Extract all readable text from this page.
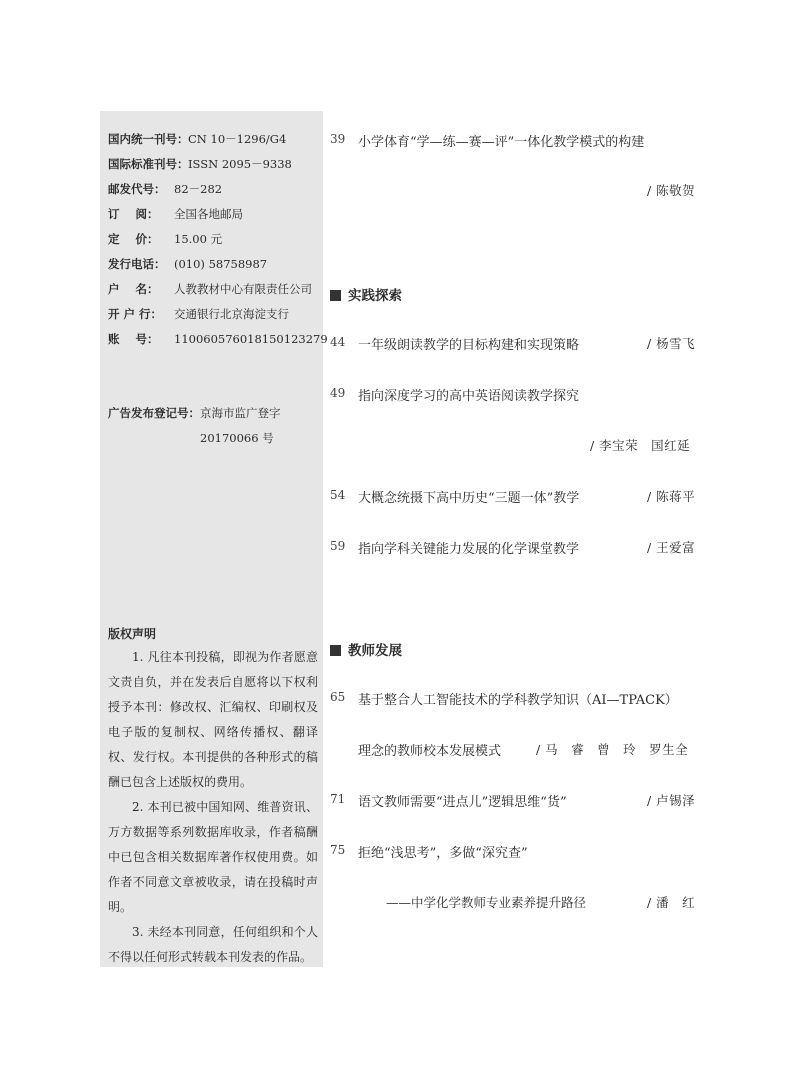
国内统一刊号：CN 10－1296/G4
国际标准刊号：ISSN 2095－9338
邮发代号： 82－282
订    阅： 全国各地邮局
定    价： 15.00 元
发行电话： (010) 58758987
户    名： 人教教材中心有限责任公司
开 户 行： 交通银行北京海淀支行
账    号： 110060576018150123279
广告发布登记号：京海市监广登字
20170066 号
版权声明
1. 凡往本刊投稿，即视为作者愿意文责自负，并在发表后自愿将以下权利授予本刊：修改权、汇编权、印刷权及电子版的复制权、网络传播权、翻译权、发行权。本刊提供的各种形式的稿酬已包含上述版权的费用。
2. 本刊已被中国知网、维普资讯、万方数据等系列数据库收录，作者稿酬中已包含相关数据库著作权使用费。如作者不同意文章被收录，请在投稿时声明。
3. 未经本刊同意，任何组织和个人不得以任何形式转载本刊发表的作品。
39 小学体育“学—练—赛—评”一体化教学模式的构建
/ 陈敬贺
实践探索
44 一年级朗读教学的目标构建和实现策略	/ 杨雪飞
49 指向深度学习的高中英语阅读教学探究
/ 李宝荣　国红延
54 大概念统摄下高中历史“三题一体”教学	/ 陈蒋平
59 指向学科关键能力发展的化学课堂教学	/ 王爱富
教师发展
65 基于整合人工智能技术的学科教学知识（AI—TPACK）
理念的教师校本发展模式	/ 马　睿　曾　玲　罗生全
71 语文教师需要“进点儿”逻辑思维“货”	/ 卢锡泽
75 拒绝“浅思考”，多做“深究查”
——中学化学教师专业素养提升路径	/ 潘　红
